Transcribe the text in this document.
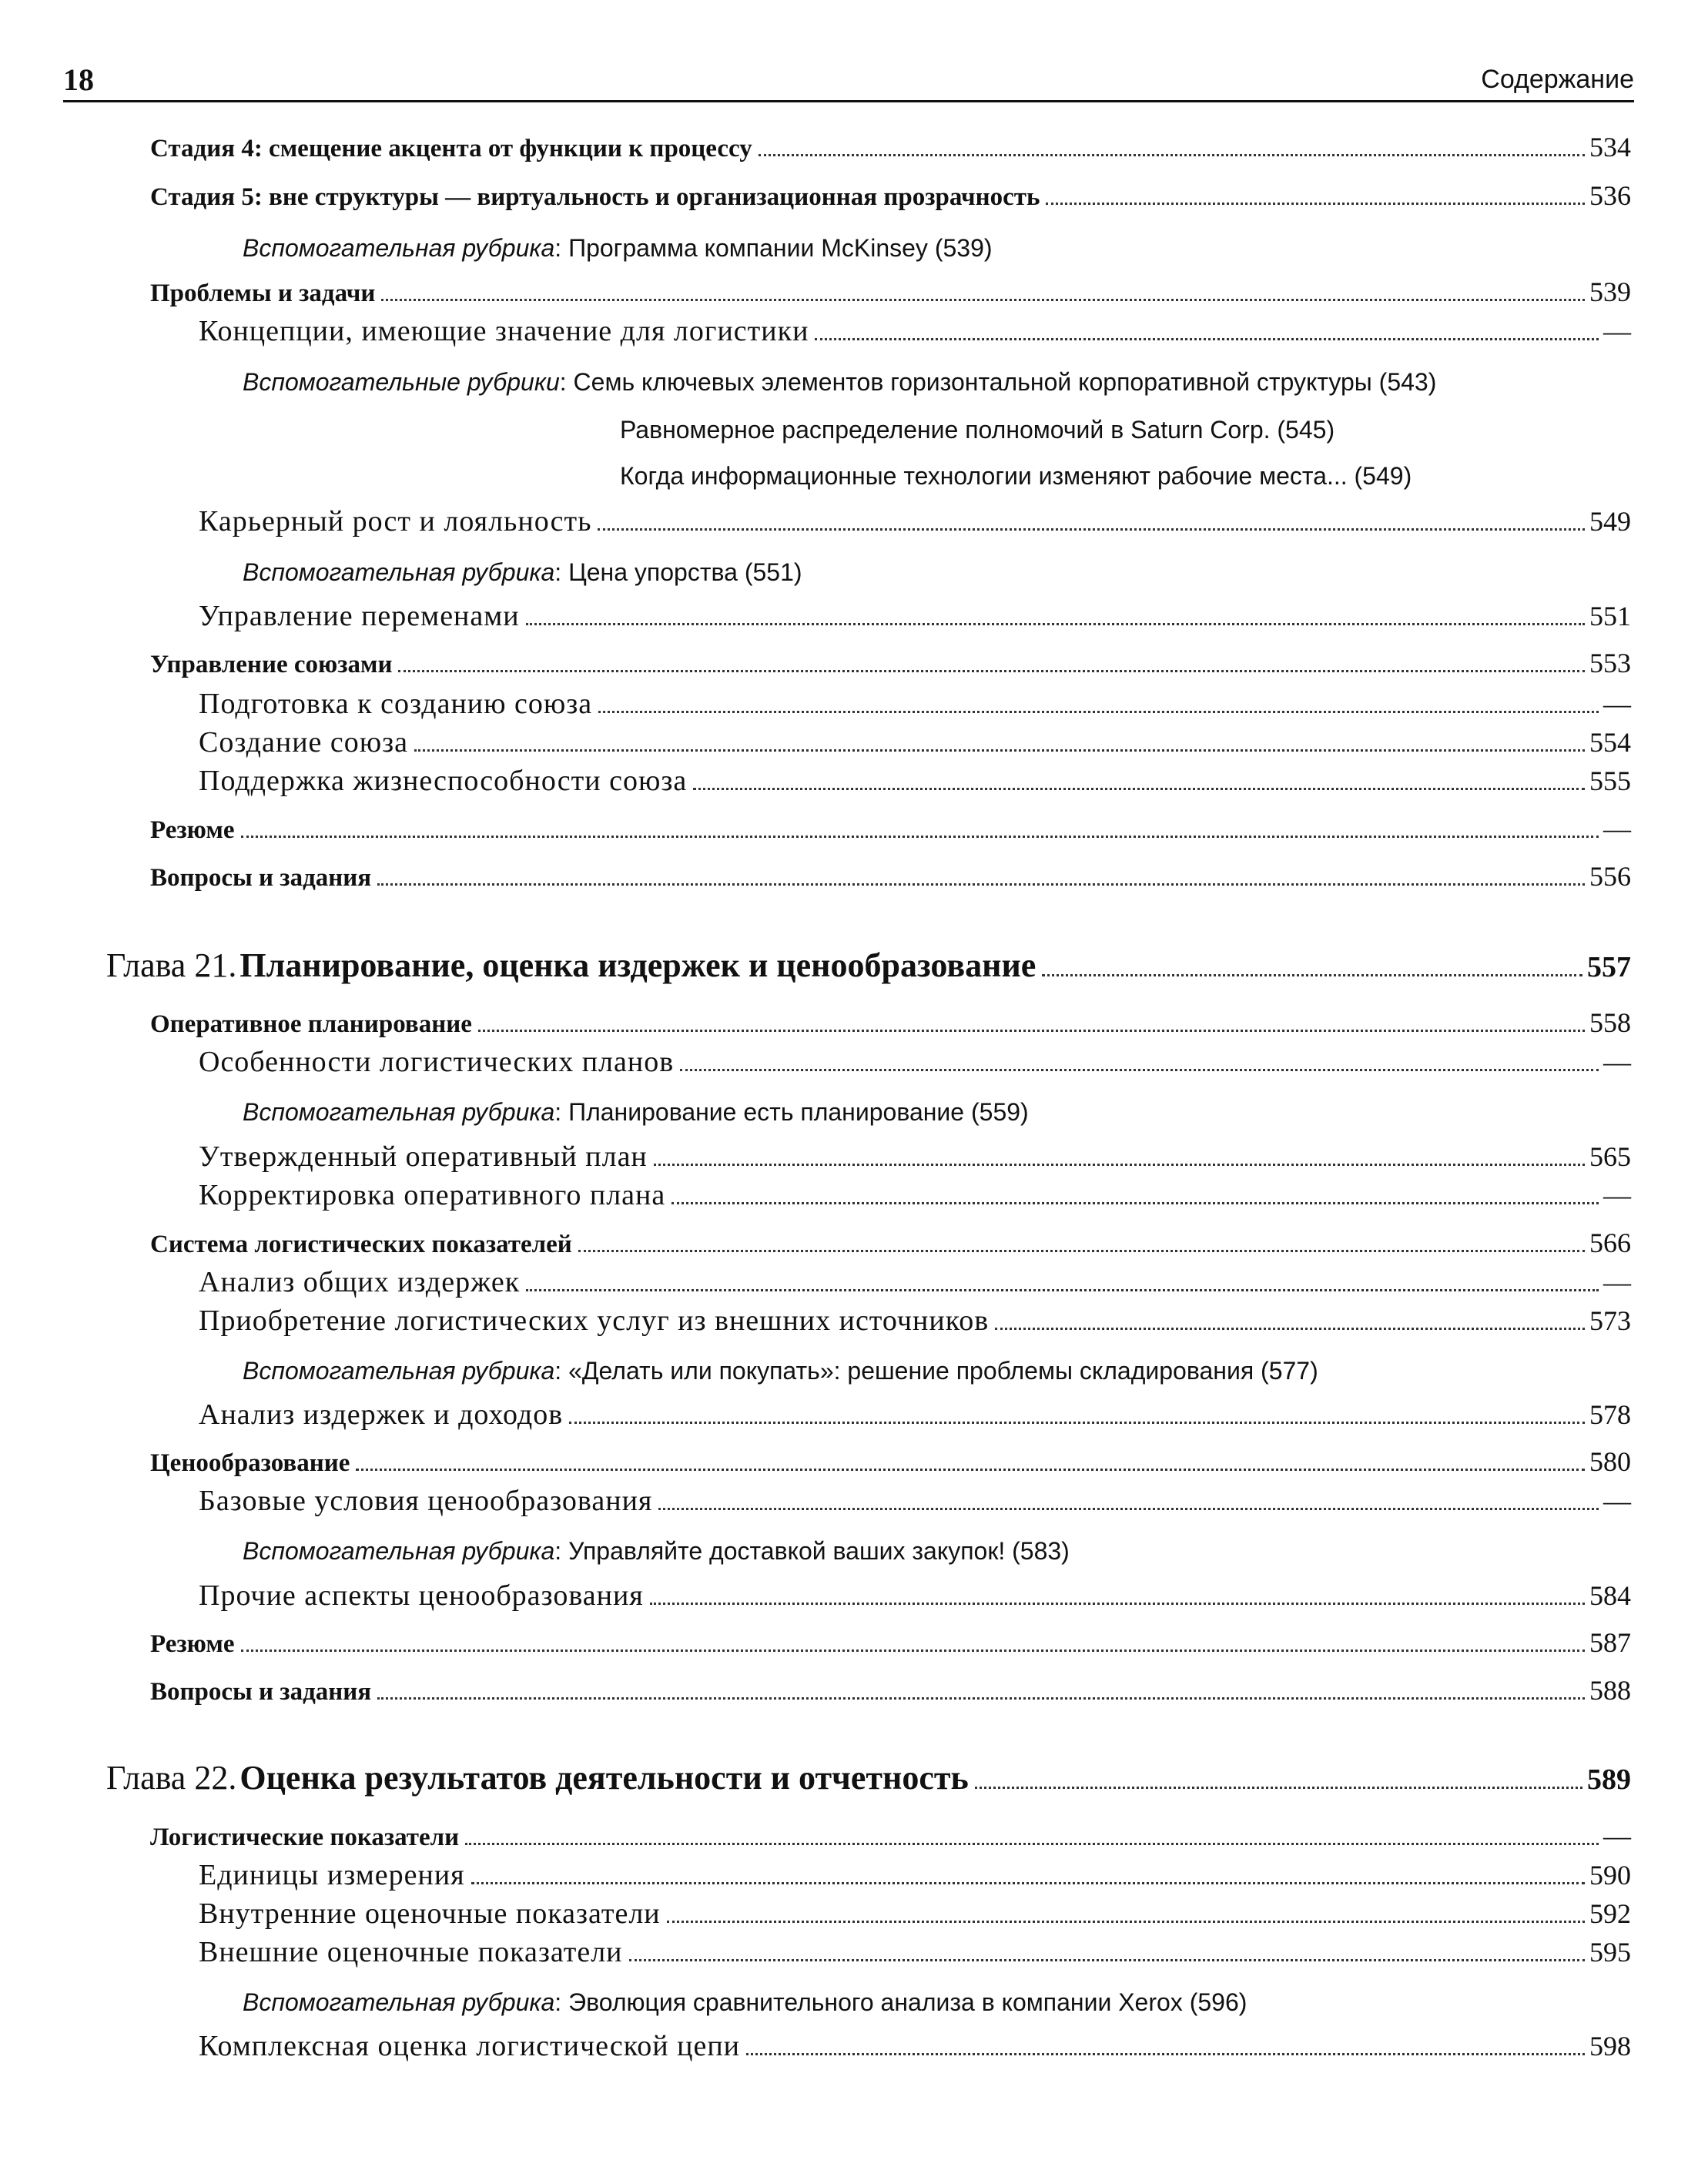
18	Содержание
Стадия 4: смещение акцента от функции к процессу	534
Стадия 5: вне структуры — виртуальность и организационная прозрачность	536
Вспомогательная рубрика: Программа компании McKinsey (539)
Проблемы и задачи	539
Концепции, имеющие значение для логистики	—
Вспомогательные рубрики: Семь ключевых элементов горизонтальной корпоративной структуры (543)
Равномерное распределение полномочий в Saturn Corp. (545)
Когда информационные технологии изменяют рабочие места... (549)
Карьерный рост и лояльность	549
Вспомогательная рубрика: Цена упорства (551)
Управление переменами	551
Управление союзами	553
Подготовка к созданию союза	—
Создание союза	554
Поддержка жизнеспособности союза	555
Резюме	—
Вопросы и задания	556
Глава 21. Планирование, оценка издержек и ценообразование	557
Оперативное планирование	558
Особенности логистических планов	—
Вспомогательная рубрика: Планирование есть планирование (559)
Утвержденный оперативный план	565
Корректировка оперативного плана	—
Система логистических показателей	566
Анализ общих издержек	—
Приобретение логистических услуг из внешних источников	573
Вспомогательная рубрика: «Делать или покупать»: решение проблемы складирования (577)
Анализ издержек и доходов	578
Ценообразование	580
Базовые условия ценообразования	—
Вспомогательная рубрика: Управляйте доставкой ваших закупок! (583)
Прочие аспекты ценообразования	584
Резюме	587
Вопросы и задания	588
Глава 22. Оценка результатов деятельности и отчетность	589
Логистические показатели	—
Единицы измерения	590
Внутренние оценочные показатели	592
Внешние оценочные показатели	595
Вспомогательная рубрика: Эволюция сравнительного анализа в компании Xerox (596)
Комплексная оценка логистической цепи	598
